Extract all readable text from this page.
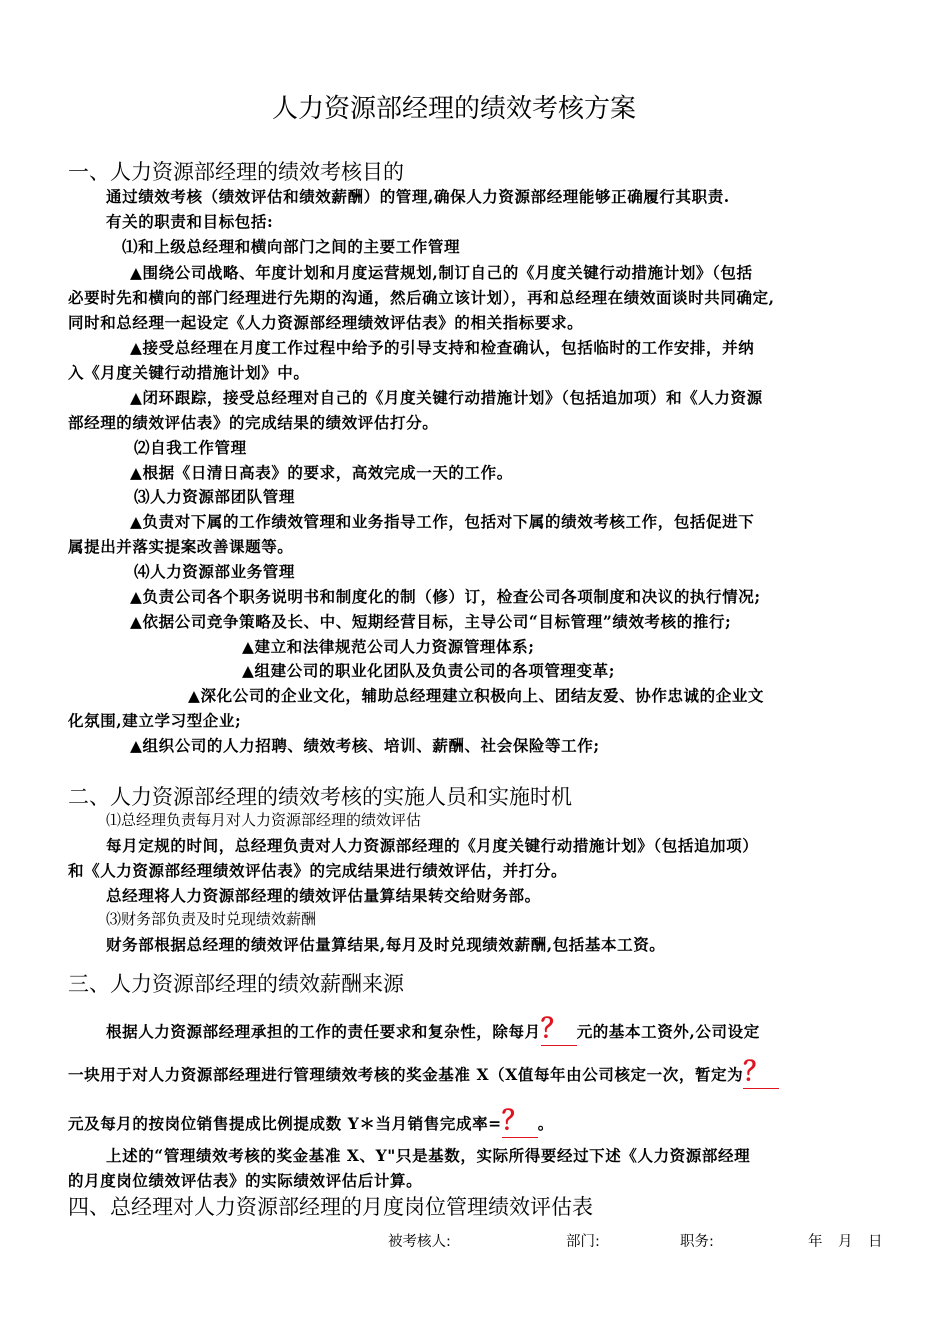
人力资源部经理的绩效考核方案
一、人力资源部经理的绩效考核目的
通过绩效考核（绩效评估和绩效薪酬）的管理,确保人力资源部经理能够正确履行其职责.
有关的职责和目标包括:
⑴和上级总经理和横向部门之间的主要工作管理
▲围绕公司战略、年度计划和月度运营规划,制订自己的《月度关键行动措施计划》（包括
必要时先和横向的部门经理进行先期的沟通，然后确立该计划），再和总经理在绩效面谈时共同确定,
同时和总经理一起设定《人力资源部经理绩效评估表》的相关指标要求。
▲接受总经理在月度工作过程中给予的引导支持和检查确认，包括临时的工作安排，并纳
入《月度关键行动措施计划》中。
▲闭环跟踪，接受总经理对自己的《月度关键行动措施计划》（包括追加项）和《人力资源
部经理的绩效评估表》的完成结果的绩效评估打分。
⑵自我工作管理
▲根据《日清日高表》的要求，高效完成一天的工作。
⑶人力资源部团队管理
▲负责对下属的工作绩效管理和业务指导工作，包括对下属的绩效考核工作，包括促进下
属提出并落实提案改善课题等。
⑷人力资源部业务管理
▲负责公司各个职务说明书和制度化的制（修）订，检查公司各项制度和决议的执行情况;
▲依据公司竞争策略及长、中、短期经营目标，主导公司“目标管理”绩效考核的推行;
▲建立和法律规范公司人力资源管理体系;
▲组建公司的职业化团队及负责公司的各项管理变革;
▲深化公司的企业文化，辅助总经理建立积极向上、团结友爱、协作忠诚的企业文
化氛围,建立学习型企业;
▲组织公司的人力招聘、绩效考核、培训、薪酬、社会保险等工作;
二、人力资源部经理的绩效考核的实施人员和实施时机
⑴总经理负责每月对人力资源部经理的绩效评估
每月定规的时间，总经理负责对人力资源部经理的《月度关键行动措施计划》（包括追加项）
和《人力资源部经理绩效评估表》的完成结果进行绩效评估，并打分。
总经理将人力资源部经理的绩效评估量算结果转交给财务部。
⑶财务部负责及时兑现绩效薪酬
财务部根据总经理的绩效评估量算结果,每月及时兑现绩效薪酬,包括基本工资。
三、人力资源部经理的绩效薪酬来源
根据人力资源部经理承担的工作的责任要求和复杂性，除每月？ 元的基本工资外,公司设定
一块用于对人力资源部经理进行管理绩效考核的奖金基准 X（X值每年由公司核定一次，暂定为？
元及每月的按岗位销售提成比例提成数 Y＊当月销售完成率=？ 。
上述的“管理绩效考核的奖金基准 X、Y"只是基数，实际所得要经过下述《人力资源部经理
的月度岗位绩效评估表》的实际绩效评估后计算。
四、总经理对人力资源部经理的月度岗位管理绩效评估表
被考核人:	部门:	职务:	年 月 日
